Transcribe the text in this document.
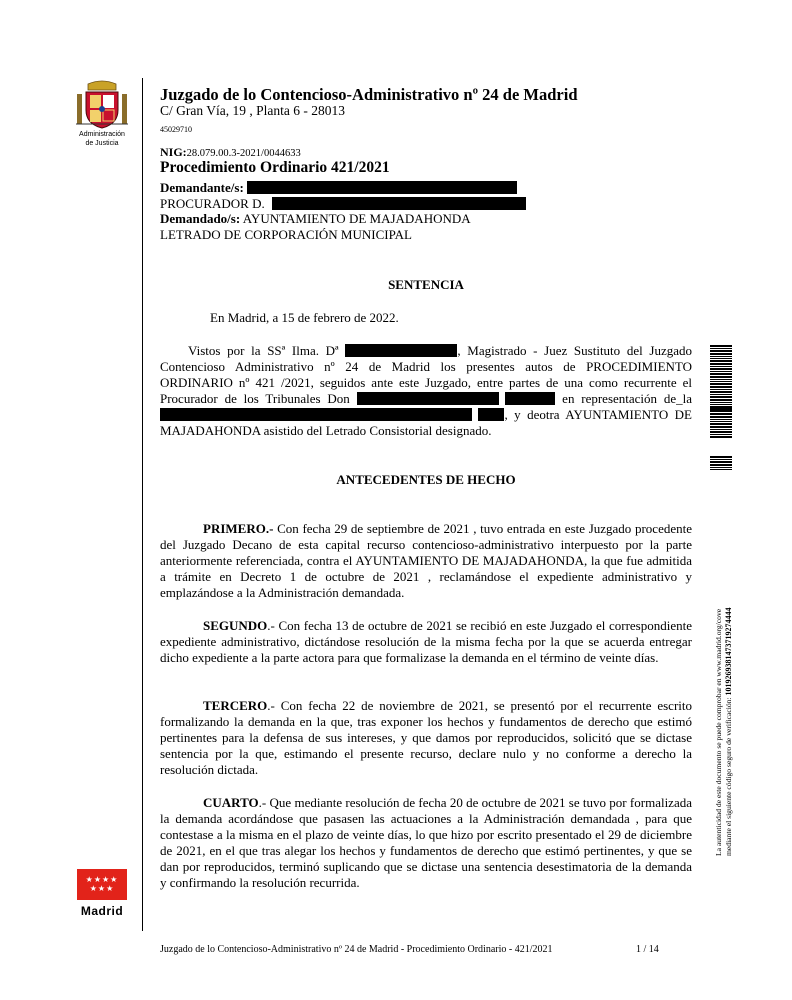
Administración
de Justicia
★★★★★★★
Madrid
Juzgado de lo Contencioso-Administrativo nº 24 de Madrid
C/ Gran Vía, 19 , Planta 6 - 28013
45029710
NIG:28.079.00.3-2021/0044633
Procedimiento Ordinario 421/2021
Demandante/s:
PROCURADOR D.
Demandado/s: AYUNTAMIENTO DE MAJADAHONDA
LETRADO DE CORPORACIÓN MUNICIPAL
SENTENCIA
En Madrid, a 15 de febrero de 2022.
Vistos por la SSª Ilma. Dª	, Magistrado - Juez Sustituto del Juzgado Contencioso Administrativo nº 24 de Madrid los presentes autos de PROCEDIMIENTO ORDINARIO nº 421 /2021, seguidos ante este Juzgado, entre partes de una como recurrente el Procurador de los Tribunales Don	en representación de_la  , y deotra AYUNTAMIENTO DE MAJADAHONDA asistido del Letrado Consistorial designado.
ANTECEDENTES DE HECHO
PRIMERO.- Con fecha 29 de septiembre de 2021 , tuvo entrada en este Juzgado procedente del Juzgado Decano de esta capital recurso contencioso-administrativo interpuesto por la parte anteriormente referenciada, contra el AYUNTAMIENTO DE MAJADAHONDA, la que fue admitida a trámite en Decreto 1 de octubre de 2021 , reclamándose el expediente administrativo y emplazándose a la Administración demandada.
SEGUNDO.- Con fecha 13 de octubre de 2021 se recibió en este Juzgado el correspondiente expediente administrativo, dictándose resolución de la misma fecha por la que se acuerda entregar dicho expediente a la parte actora para que formalizase la demanda en el término de veinte días.
TERCERO.- Con fecha 22 de noviembre de 2021, se presentó por el recurrente escrito formalizando la demanda en la que, tras exponer los hechos y fundamentos de derecho que estimó pertinentes para la defensa de sus intereses, y que damos por reproducidos, solicitó que se dictase sentencia por la que, estimando el presente recurso, declare nulo y no conforme a derecho la resolución dictada.
CUARTO.- Que mediante resolución de fecha 20 de octubre de 2021 se tuvo por formalizada la demanda acordándose que pasasen las actuaciones a la Administración demandada , para que contestase a la misma en el plazo de veinte días, lo que hizo por escrito presentado el 29 de diciembre de 2021, en el que tras alegar los hechos y fundamentos de derecho que estimó pertinentes, y que se dan por reproducidos, terminó suplicando que se dictase una sentencia desestimatoria de la demanda y confirmando la resolución recurrida.
La autenticidad de este documento se puede comprobar en www.madrid.org/cove mediante el siguiente código seguro de verificación: 1019269381473719274444
Juzgado de lo Contencioso-Administrativo nº 24 de Madrid - Procedimiento Ordinario - 421/2021	1 / 14
